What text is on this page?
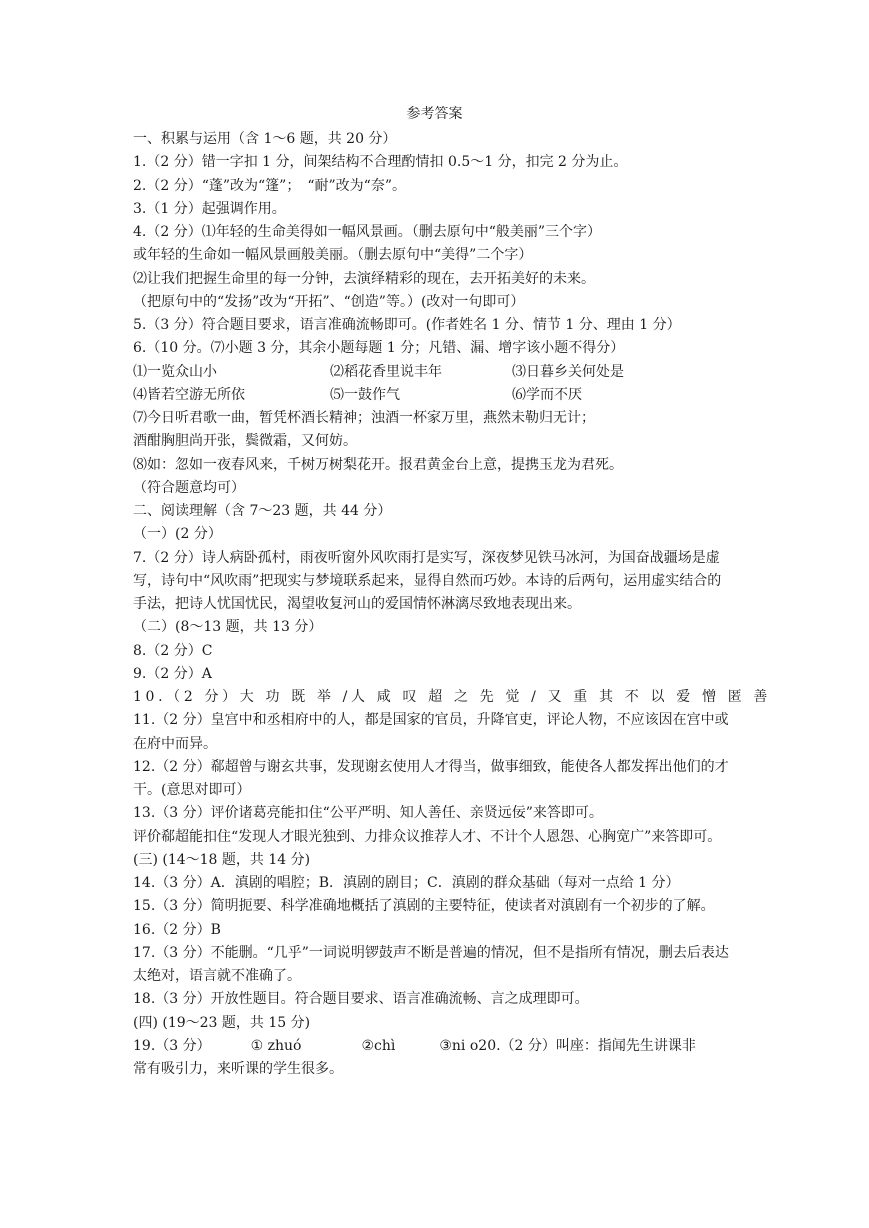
参考答案
一、积累与运用（含 1～6 题，共 20 分）
1.（2 分）错一字扣 1 分，间架结构不合理酌情扣 0.5～1 分，扣完 2 分为止。
2.（2 分）“蓬”改为“篷”；　“耐”改为“奈”。
3.（1 分）起强调作用。
4.（2 分）⑴年轻的生命美得如一幅风景画。（删去原句中“般美丽”三个字）
或年轻的生命如一幅风景画般美丽。（删去原句中“美得”二个字）
⑵让我们把握生命里的每一分钟，去演绎精彩的现在，去开拓美好的未来。
（把原句中的“发扬”改为“开拓”、“创造”等。）(改对一句即可）
5.（3 分）符合题目要求，语言准确流畅即可。(作者姓名 1 分、情节 1 分、理由 1 分）
6.（10 分。⑺小题 3 分，其余小题每题 1 分；凡错、漏、增字该小题不得分）
⑴一览众山小	⑵稻花香里说丰年	⑶日暮乡关何处是
⑷皆若空游无所依	⑸一鼓作气	⑹学而不厌
⑺今日听君歌一曲，暂凭杯酒长精神；浊酒一杯家万里，燕然未勒归无计；
酒酣胸胆尚开张，鬓微霜，又何妨。
⑻如：忽如一夜春风来，千树万树梨花开。报君黄金台上意，提携玉龙为君死。
（符合题意均可）
二、阅读理解（含 7～23 题，共 44 分）
（一）(2 分）
7.（2 分）诗人病卧孤村，雨夜听窗外风吹雨打是实写，深夜梦见铁马冰河，为国奋战疆场是虚写，诗句中“风吹雨”把现实与梦境联系起来，显得自然而巧妙。本诗的后两句，运用虚实结合的手法，把诗人忧国忧民，渴望收复河山的爱国情怀淋漓尽致地表现出来。
（二）(8～13 题，共 13 分）
8.（2 分）C
9.（2 分）A
10.（2 分）大 功 既 举 /人 咸 叹 超 之 先 觉 / 又 重 其 不 以 爱 憎 匿 善
11.（2 分）皇宫中和丞相府中的人，都是国家的官员，升降官吏，评论人物，不应该因在宫中或在府中而异。
12.（2 分）郗超曾与谢玄共事，发现谢玄使用人才得当，做事细致，能使各人都发挥出他们的才干。(意思对即可）
13.（3 分）评价诸葛亮能扣住“公平严明、知人善任、亲贤远佞”来答即可。
评价郗超能扣住“发现人才眼光独到、力排众议推荐人才、不计个人恩怨、心胸宽广”来答即可。
(三) (14～18 题，共 14 分)
14.（3 分）A．滇剧的唱腔；B．滇剧的剧目；C．滇剧的群众基础（每对一点给 1 分）
15.（3 分）简明扼要、科学准确地概括了滇剧的主要特征，使读者对滇剧有一个初步的了解。
16.（2 分）B
17.（3 分）不能删。“几乎”一词说明锣鼓声不断是普遍的情况，但不是指所有情况，删去后表达太绝对，语言就不准确了。
18.（3 分）开放性题目。符合题目要求、语言准确流畅、言之成理即可。
(四) (19～23 题，共 15 分)
19.（3 分）	① zhuó	②chì	③ni o20.（2 分）叫座：指闻先生讲课非
常有吸引力，来听课的学生很多。
